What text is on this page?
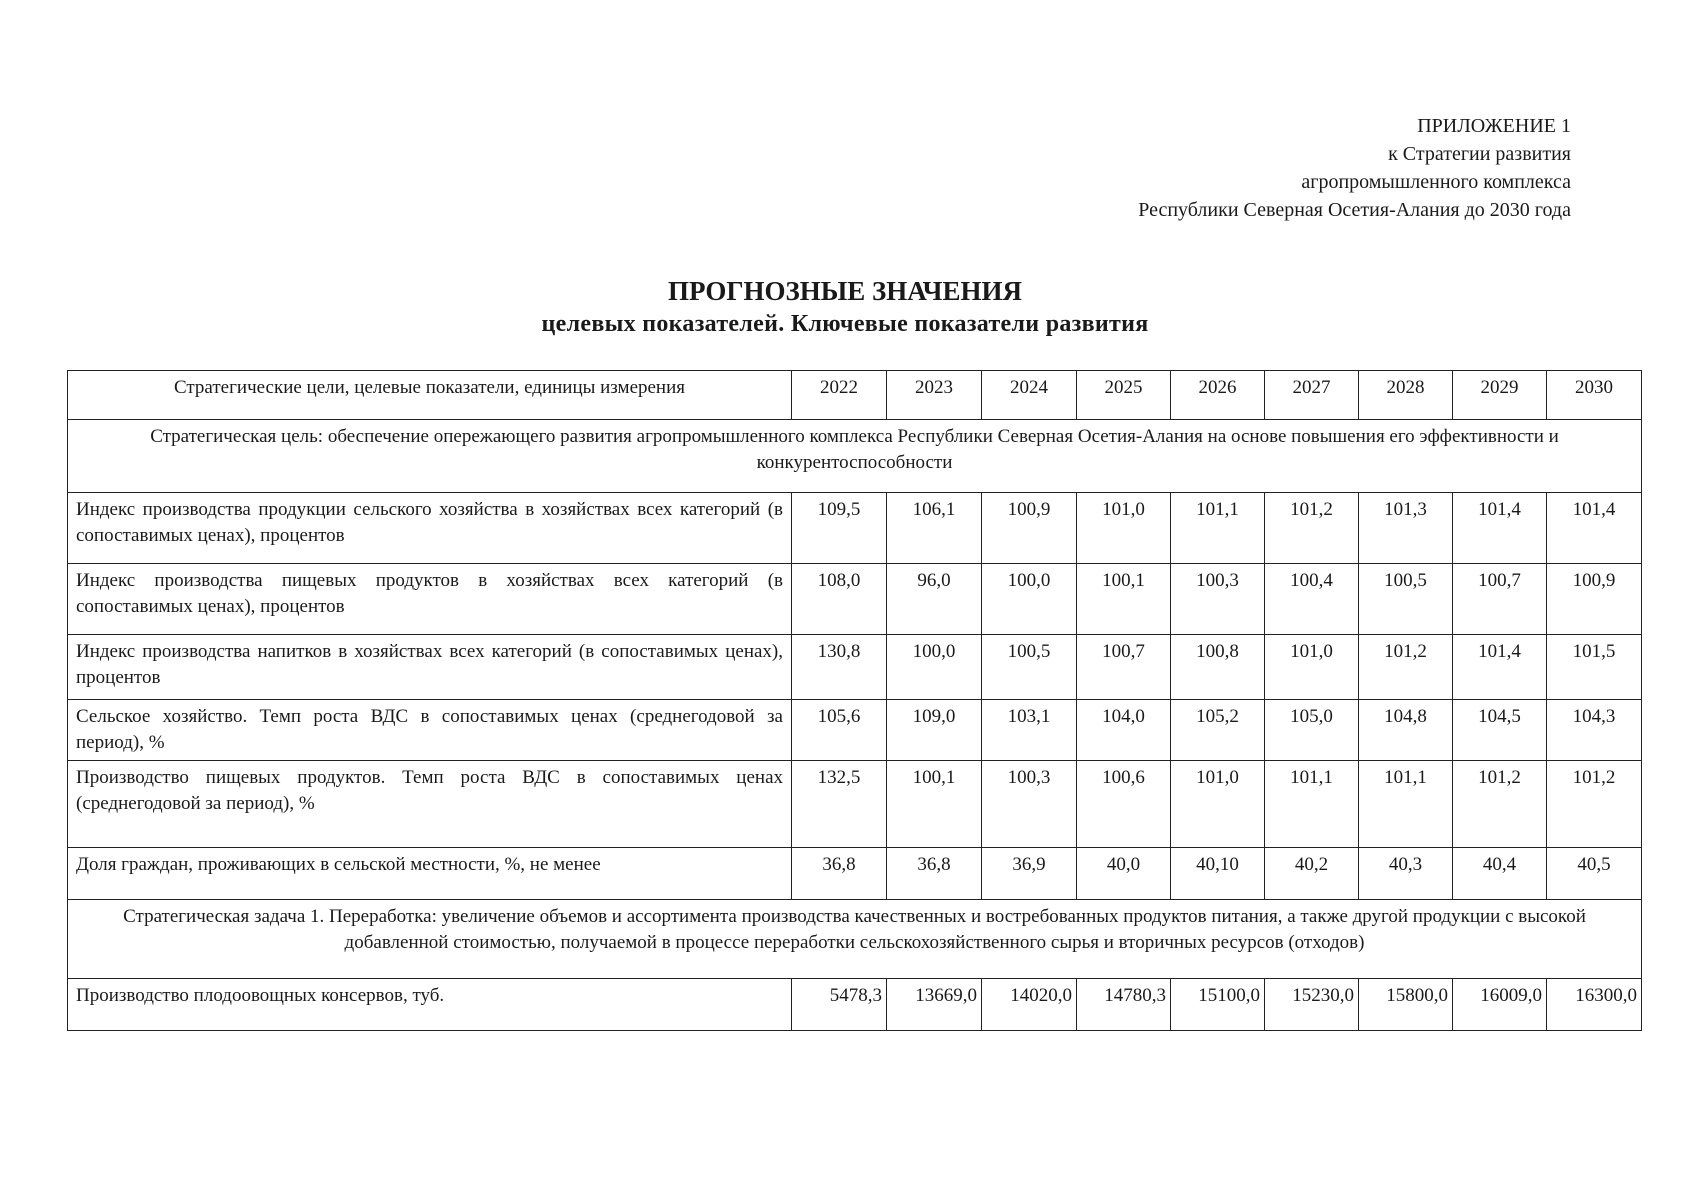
ПРИЛОЖЕНИЕ 1
к Стратегии развития
агропромышленного комплекса
Республики Северная Осетия-Алания до 2030 года
ПРОГНОЗНЫЕ ЗНАЧЕНИЯ
целевых показателей. Ключевые показатели развития
Стратегические цели, целевые показатели, единицы измерения	2022	2023	2024	2025	2026	2027	2028	2029	2030
Стратегическая цель: обеспечение опережающего развития агропромышленного комплекса Республики Северная Осетия-Алания на основе повышения его эффективности и конкурентоспособности									
Индекс производства продукции сельского хозяйства в хозяйствах всех категорий (в сопоставимых ценах), процентов	109,5	106,1	100,9	101,0	101,1	101,2	101,3	101,4	101,4
Индекс производства пищевых продуктов в хозяйствах всех категорий (в сопоставимых ценах), процентов	108,0	96,0	100,0	100,1	100,3	100,4	100,5	100,7	100,9
Индекс производства напитков в хозяйствах всех категорий (в сопоставимых ценах), процентов	130,8	100,0	100,5	100,7	100,8	101,0	101,2	101,4	101,5
Сельское хозяйство. Темп роста ВДС в сопоставимых ценах (среднегодовой за период), %	105,6	109,0	103,1	104,0	105,2	105,0	104,8	104,5	104,3
Производство пищевых продуктов. Темп роста ВДС в сопоставимых ценах (среднегодовой за период), %	132,5	100,1	100,3	100,6	101,0	101,1	101,1	101,2	101,2
Доля граждан, проживающих в сельской местности, %, не менее	36,8	36,8	36,9	40,0	40,10	40,2	40,3	40,4	40,5
Стратегическая задача 1. Переработка: увеличение объемов и ассортимента производства качественных и востребованных продуктов питания, а также другой продукции с высокой добавленной стоимостью, получаемой в процессе переработки сельскохозяйственного сырья и вторичных ресурсов (отходов)									
Производство плодоовощных консервов, туб.	5478,3	13669,0	14020,0	14780,3	15100,0	15230,0	15800,0	16009,0	16300,0
